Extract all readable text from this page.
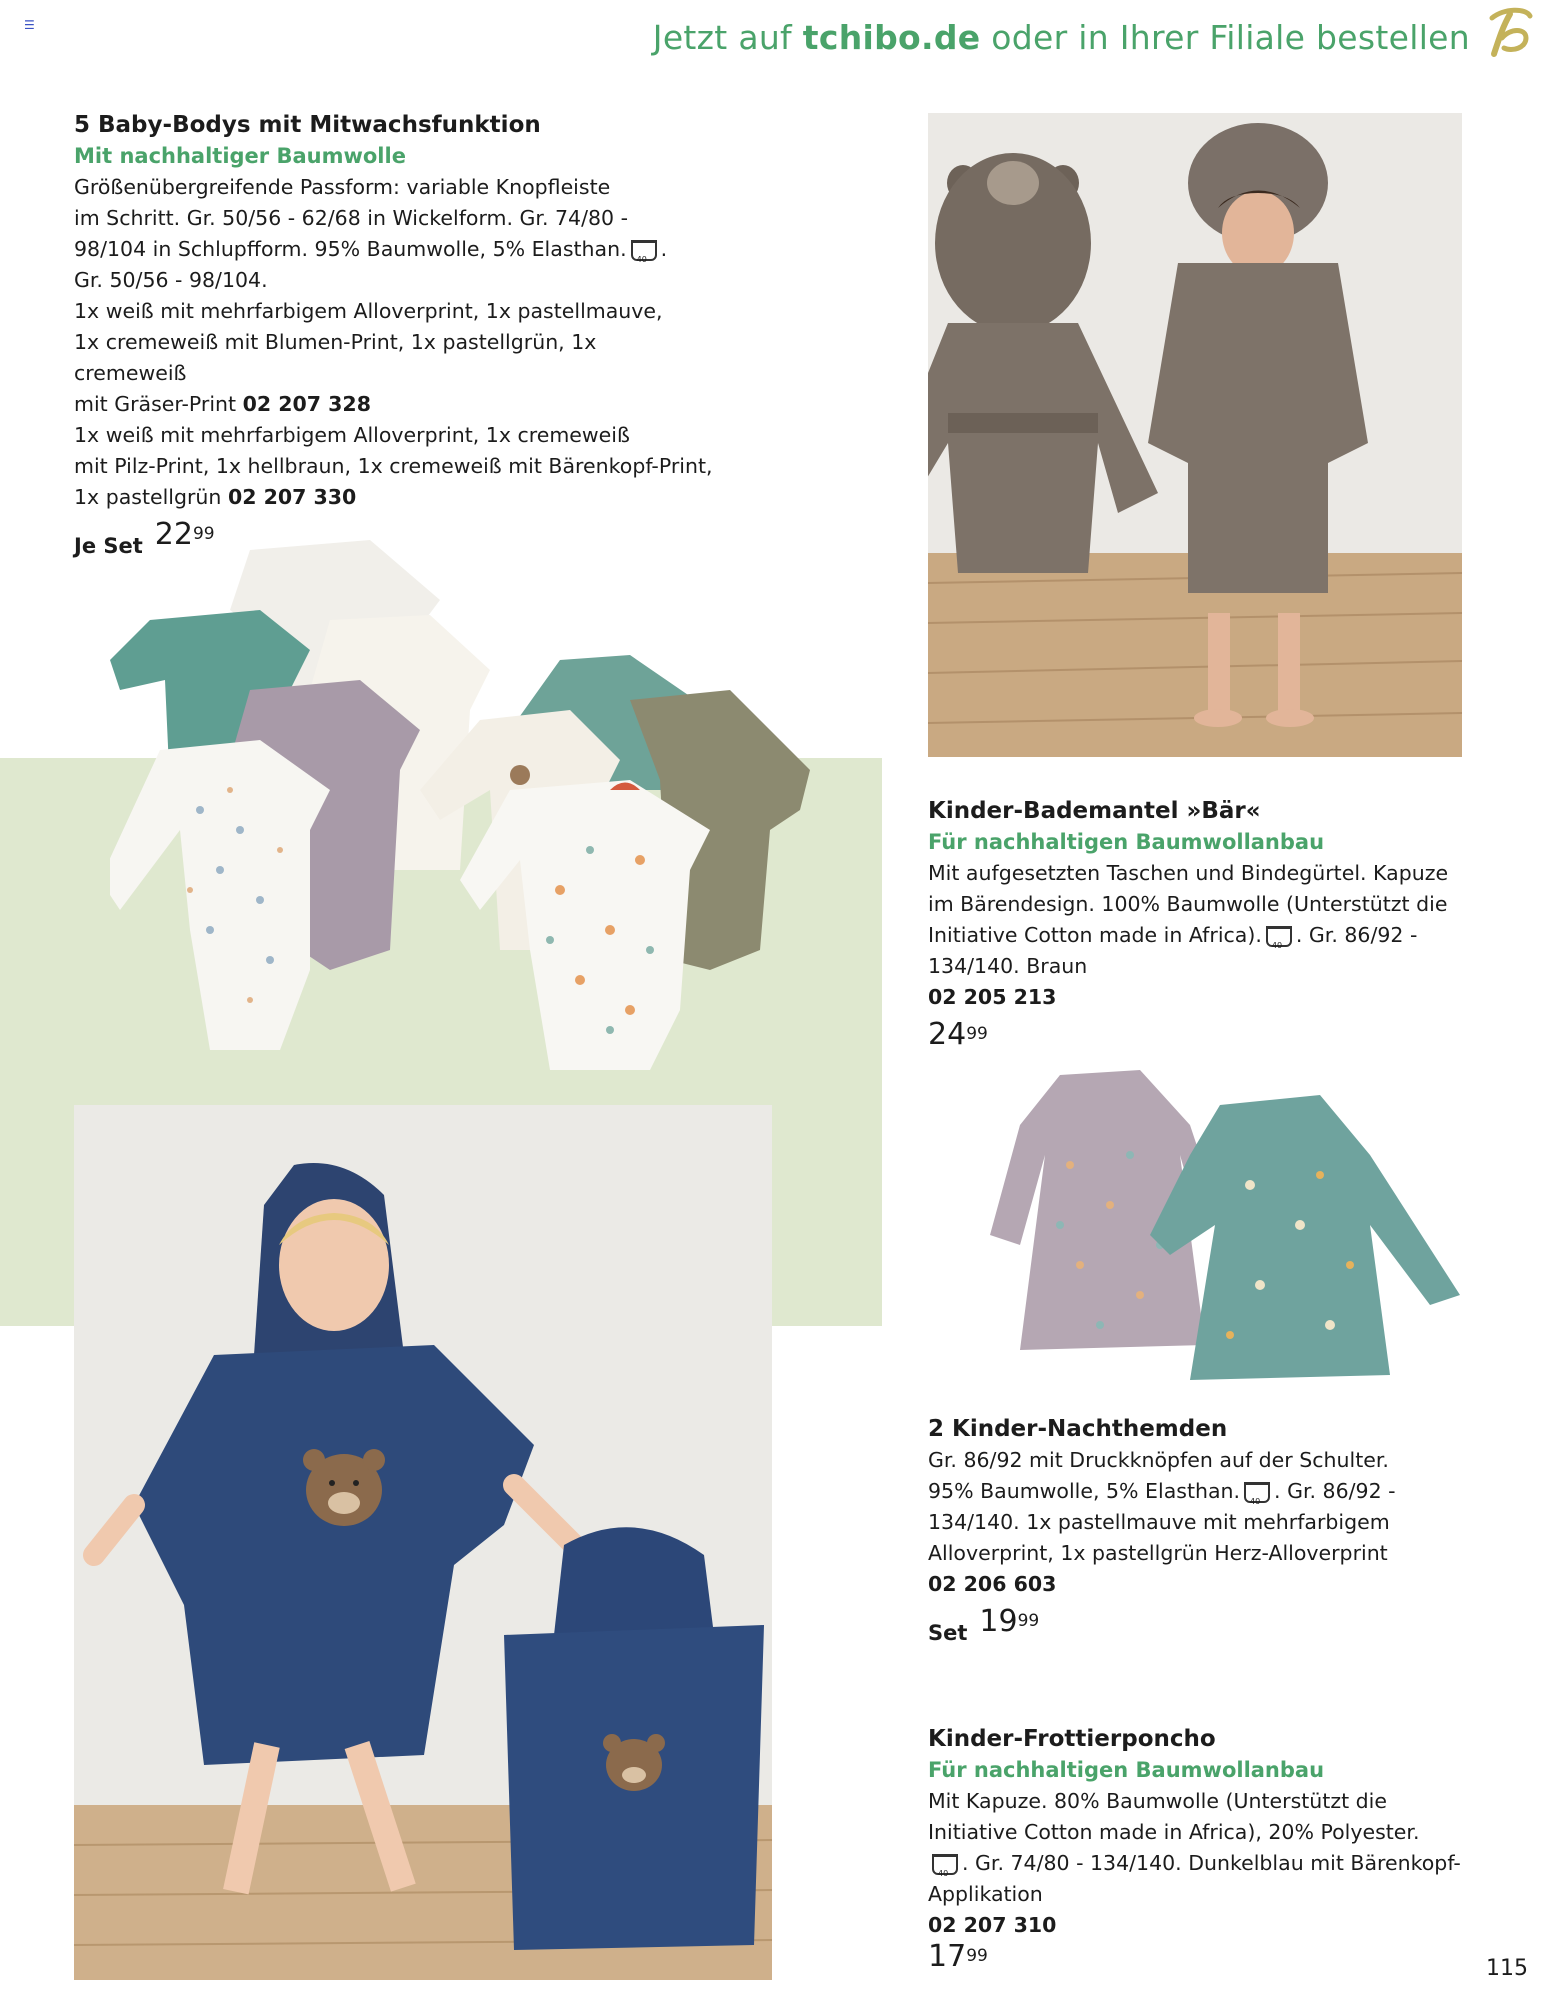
☰	Jetzt auf tchibo.de oder in Ihrer Filiale bestellen
5 Baby-Bodys mit Mitwachsfunktion
Mit nachhaltiger Baumwolle
Größenübergreifende Passform: variable Knopfleiste
im Schritt. Gr. 50/56 - 62/68 in Wickelform. Gr. 74/80 -
98/104 in Schlupfform. 95% Baumwolle, 5% Elasthan. 40 .
Gr. 50/56 - 98/104.
1x weiß mit mehrfarbigem Alloverprint, 1x pastellmauve,
1x cremeweiß mit Blumen-Print, 1x pastellgrün, 1x cremeweiß
mit Gräser-Print 02 207 328
1x weiß mit mehrfarbigem Alloverprint, 1x cremeweiß
mit Pilz-Print, 1x hellbraun, 1x cremeweiß mit Bärenkopf-Print,
1x pastellgrün 02 207 330
Je Set 22 99
Kinder-Bademantel »Bär«
Für nachhaltigen Baumwollanbau
Mit aufgesetzten Taschen und Bindegürtel. Kapuze
im Bärendesign. 100% Baumwolle (Unterstützt die
Initiative Cotton made in Africa). 40 . Gr. 86/92 -
134/140. Braun
02 205 213
24 99
2 Kinder-Nachthemden
Gr. 86/92 mit Druckknöpfen auf der Schulter.
95% Baumwolle, 5% Elasthan. 40 . Gr. 86/92 -
134/140. 1x pastellmauve mit mehrfarbigem
Alloverprint, 1x pastellgrün Herz-Alloverprint
02 206 603
Set 19 99
Kinder-Frottierponcho
Für nachhaltigen Baumwollanbau
Mit Kapuze. 80% Baumwolle (Unterstützt die
Initiative Cotton made in Africa), 20% Polyester.
40. Gr. 74/80 - 134/140. Dunkelblau mit Bärenkopf-
Applikation
02 207 310
17 99	115
